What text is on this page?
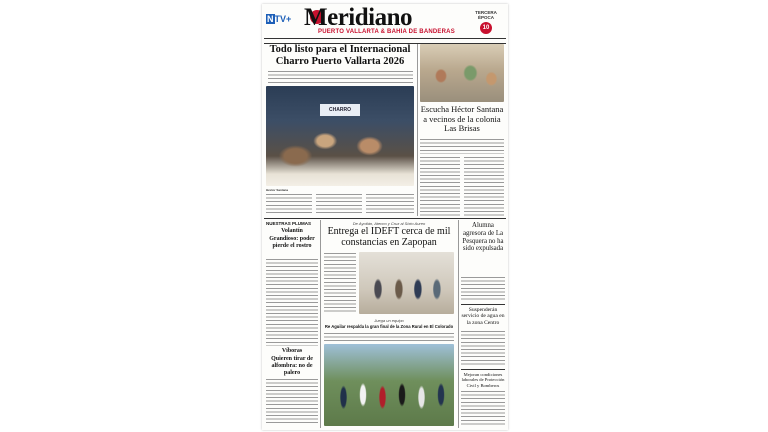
NTV+ Meridiano
PUERTO VALLARTA & BAHIA DE BANDERAS
TERCERA ÉPOCA
10
Todo listo para el Internacional Charro Puerto Vallarta 2026
CHARRO
Héctor Santana
Escucha Héctor Santana a vecinos de la colonia Las Brisas
NUESTRAS PLUMAS
Volantín
Grandioso: poder pierde el rostro
Víboras
Quieren tirar de alfombra: no de palero
De Ayotlán, Atenco y Cruz al Sixto Aureo
Entrega el IDEFT cerca de mil constancias en Zapopan
Juega un equipo
Re Aguilar respalda la gran final de la Zona Rural en El Colorado
Alumna agresora de La Pesquera no ha sido expulsada
Suspenderán servicio de agua en la zona Centro
Mejoran condiciones laborales de Protección Civil y Bomberos
